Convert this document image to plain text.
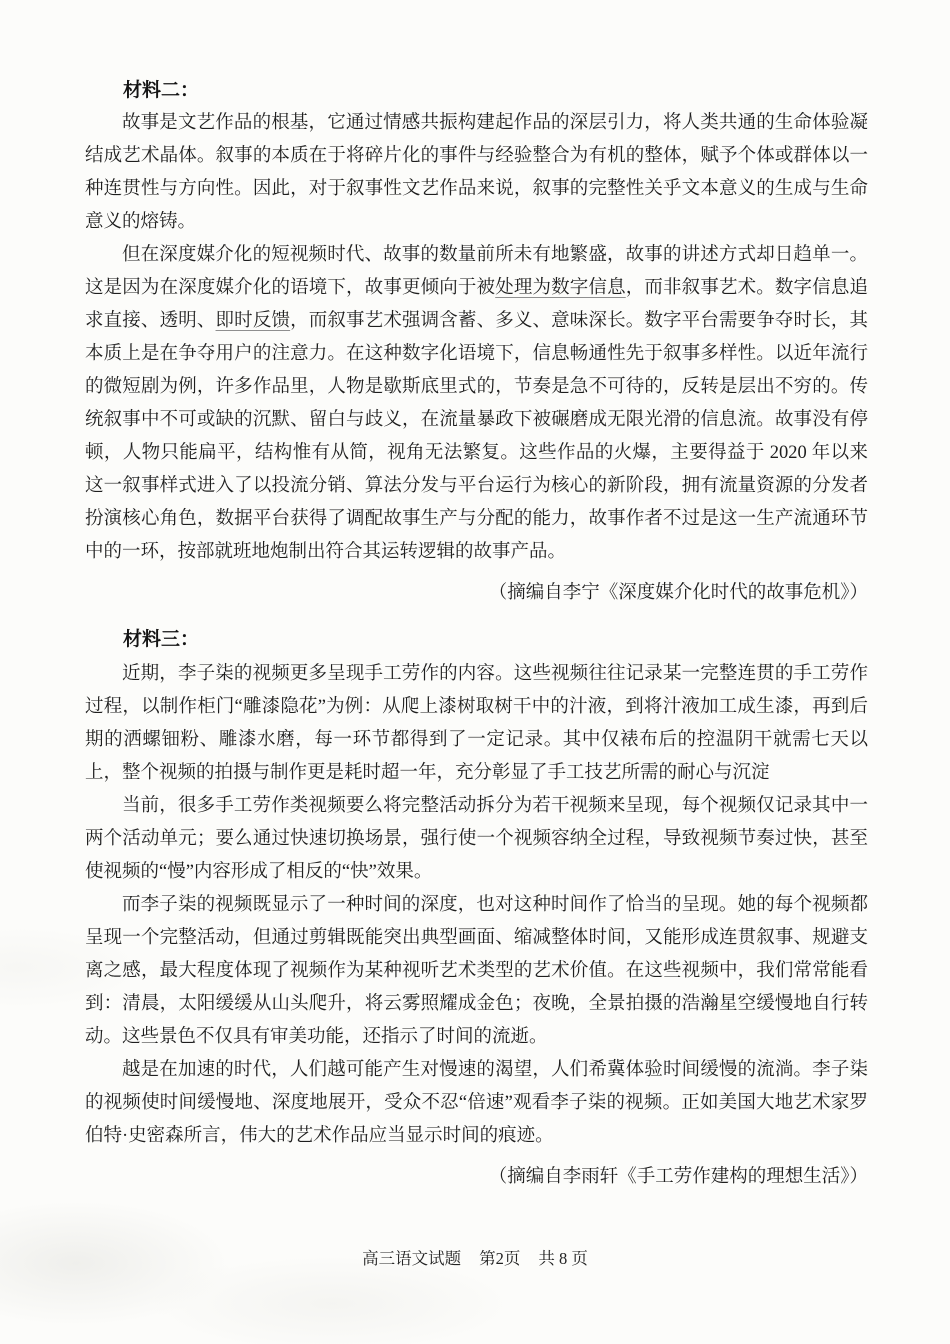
材料二：

故事是文艺作品的根基，它通过情感共振构建起作品的深层引力，将人类共通的生命体验凝结成艺术晶体。叙事的本质在于将碎片化的事件与经验整合为有机的整体，赋予个体或群体以一种连贯性与方向性。因此，对于叙事性文艺作品来说，叙事的完整性关乎文本意义的生成与生命意义的熔铸。

但在深度媒介化的短视频时代、故事的数量前所未有地繁盛，故事的讲述方式却日趋单一。这是因为在深度媒介化的语境下，故事更倾向于被处理为数字信息，而非叙事艺术。数字信息追求直接、透明、即时反馈，而叙事艺术强调含蓄、多义、意味深长。数字平台需要争夺时长，其本质上是在争夺用户的注意力。在这种数字化语境下，信息畅通性先于叙事多样性。以近年流行的微短剧为例，许多作品里，人物是歇斯底里式的，节奏是急不可待的，反转是层出不穷的。传统叙事中不可或缺的沉默、留白与歧义，在流量暴政下被碾磨成无限光滑的信息流。故事没有停顿，人物只能扁平，结构惟有从简，视角无法繁复。这些作品的火爆，主要得益于 2020 年以来这一叙事样式进入了以投流分销、算法分发与平台运行为核心的新阶段，拥有流量资源的分发者扮演核心角色，数据平台获得了调配故事生产与分配的能力，故事作者不过是这一生产流通环节中的一环，按部就班地炮制出符合其运转逻辑的故事产品。

（摘编自李宁《深度媒介化时代的故事危机》）

材料三：

近期，李子柒的视频更多呈现手工劳作的内容。这些视频往往记录某一完整连贯的手工劳作过程，以制作柜门“雕漆隐花”为例：从爬上漆树取树干中的汁液，到将汁液加工成生漆，再到后期的洒螺钿粉、雕漆水磨，每一环节都得到了一定记录。其中仅裱布后的控温阴干就需七天以上，整个视频的拍摄与制作更是耗时超一年，充分彰显了手工技艺所需的耐心与沉淀

当前，很多手工劳作类视频要么将完整活动拆分为若干视频来呈现，每个视频仅记录其中一两个活动单元；要么通过快速切换场景，强行使一个视频容纳全过程，导致视频节奏过快，甚至使视频的“慢”内容形成了相反的“快”效果。

而李子柒的视频既显示了一种时间的深度，也对这种时间作了恰当的呈现。她的每个视频都呈现一个完整活动，但通过剪辑既能突出典型画面、缩减整体时间，又能形成连贯叙事、规避支离之感，最大程度体现了视频作为某种视听艺术类型的艺术价值。在这些视频中，我们常常能看到：清晨，太阳缓缓从山头爬升，将云雾照耀成金色；夜晚，全景拍摄的浩瀚星空缓慢地自行转动。这些景色不仅具有审美功能，还指示了时间的流逝。

越是在加速的时代，人们越可能产生对慢速的渴望，人们希冀体验时间缓慢的流淌。李子柒的视频使时间缓慢地、深度地展开，受众不忍“倍速”观看李子柒的视频。正如美国大地艺术家罗伯特·史密森所言，伟大的艺术作品应当显示时间的痕迹。

（摘编自李雨轩《手工劳作建构的理想生活》）

高三语文试题 第2页 共 8 页
